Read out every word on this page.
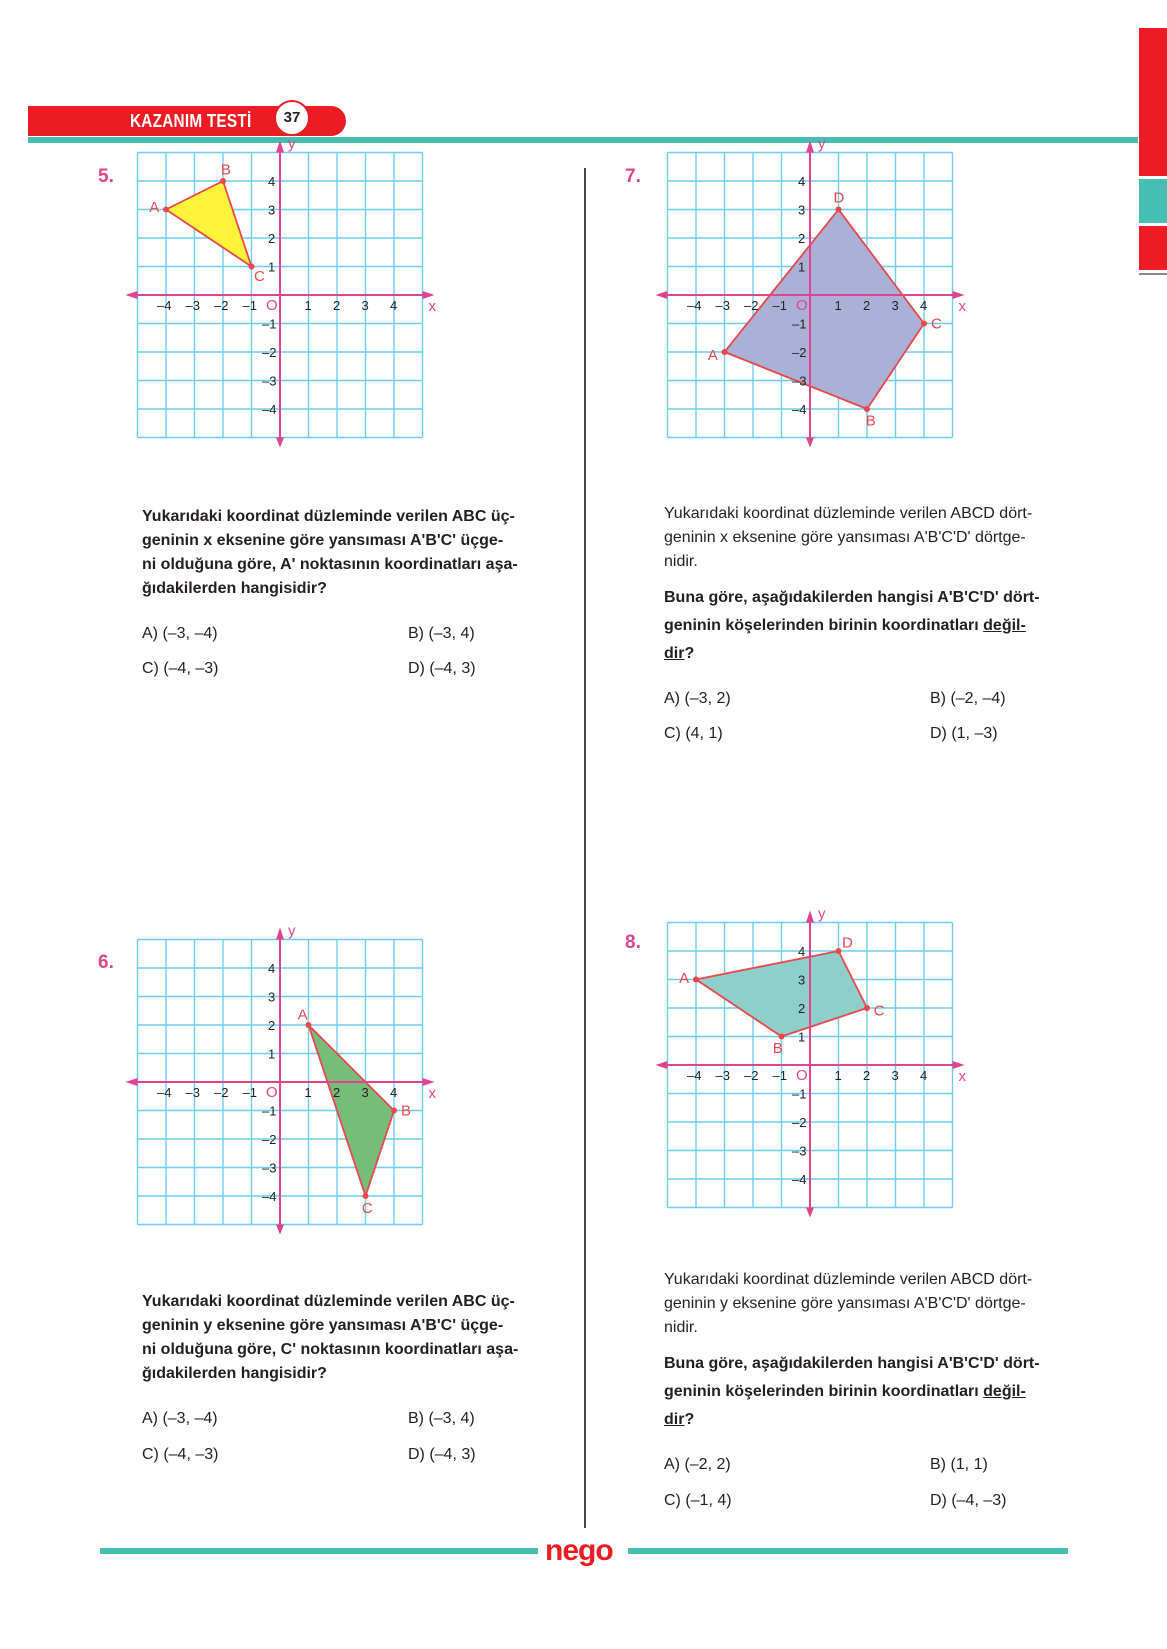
KAZANIM TESTİ	37
5.
y
x
O 1
–1
1
–1
2
–2
2
–2
3
–3
3
–3
4
–4
4
–4
A
B
C
Yukarıdaki koordinat düzleminde verilen ABC üç-
geninin x eksenine göre yansıması A'B'C' üçge-
ni olduğuna göre, A' noktasının koordinatları aşa-
ğıdakilerden hangisidir?
A) (–3, –4)	B) (–3, 4)
C) (–4, –3)	D) (–4, 3)
7.
y
x
O 1
–1
1
–1
2
–2
2
–2
3
–3
3
–3
4
–4
4
–4
A
B
C
D
Yukarıdaki koordinat düzleminde verilen ABCD dört-
geninin x eksenine göre yansıması A'B'C'D' dörtge-
nidir.
Buna göre, aşağıdakilerden hangisi A'B'C'D' dört-
geninin köşelerinden birinin koordinatları değil-
dir?
A) (–3, 2)	B) (–2, –4)
C) (4, 1)	D) (1, –3)
6.
y
x
O 1
–1
1
–1
2
–2
2
–2
3
–3
3
–3
4
–4
4
–4
A
B
C
Yukarıdaki koordinat düzleminde verilen ABC üç-
geninin y eksenine göre yansıması A'B'C' üçge-
ni olduğuna göre, C' noktasının koordinatları aşa-
ğıdakilerden hangisidir?
A) (–3, –4)	B) (–3, 4)
C) (–4, –3)	D) (–4, 3)
8.
y
x
O 1
–1
1
–1
2
–2
2
–2
3
–3
3
–3
4
–4
4
–4
A
B
C
D
Yukarıdaki koordinat düzleminde verilen ABCD dört-
geninin y eksenine göre yansıması A'B'C'D' dörtge-
nidir.
Buna göre, aşağıdakilerden hangisi A'B'C'D' dört-
geninin köşelerinden birinin koordinatları değil-
dir?
A) (–2, 2)	B) (1, 1)
C) (–1, 4)	D) (–4, –3)
nego
